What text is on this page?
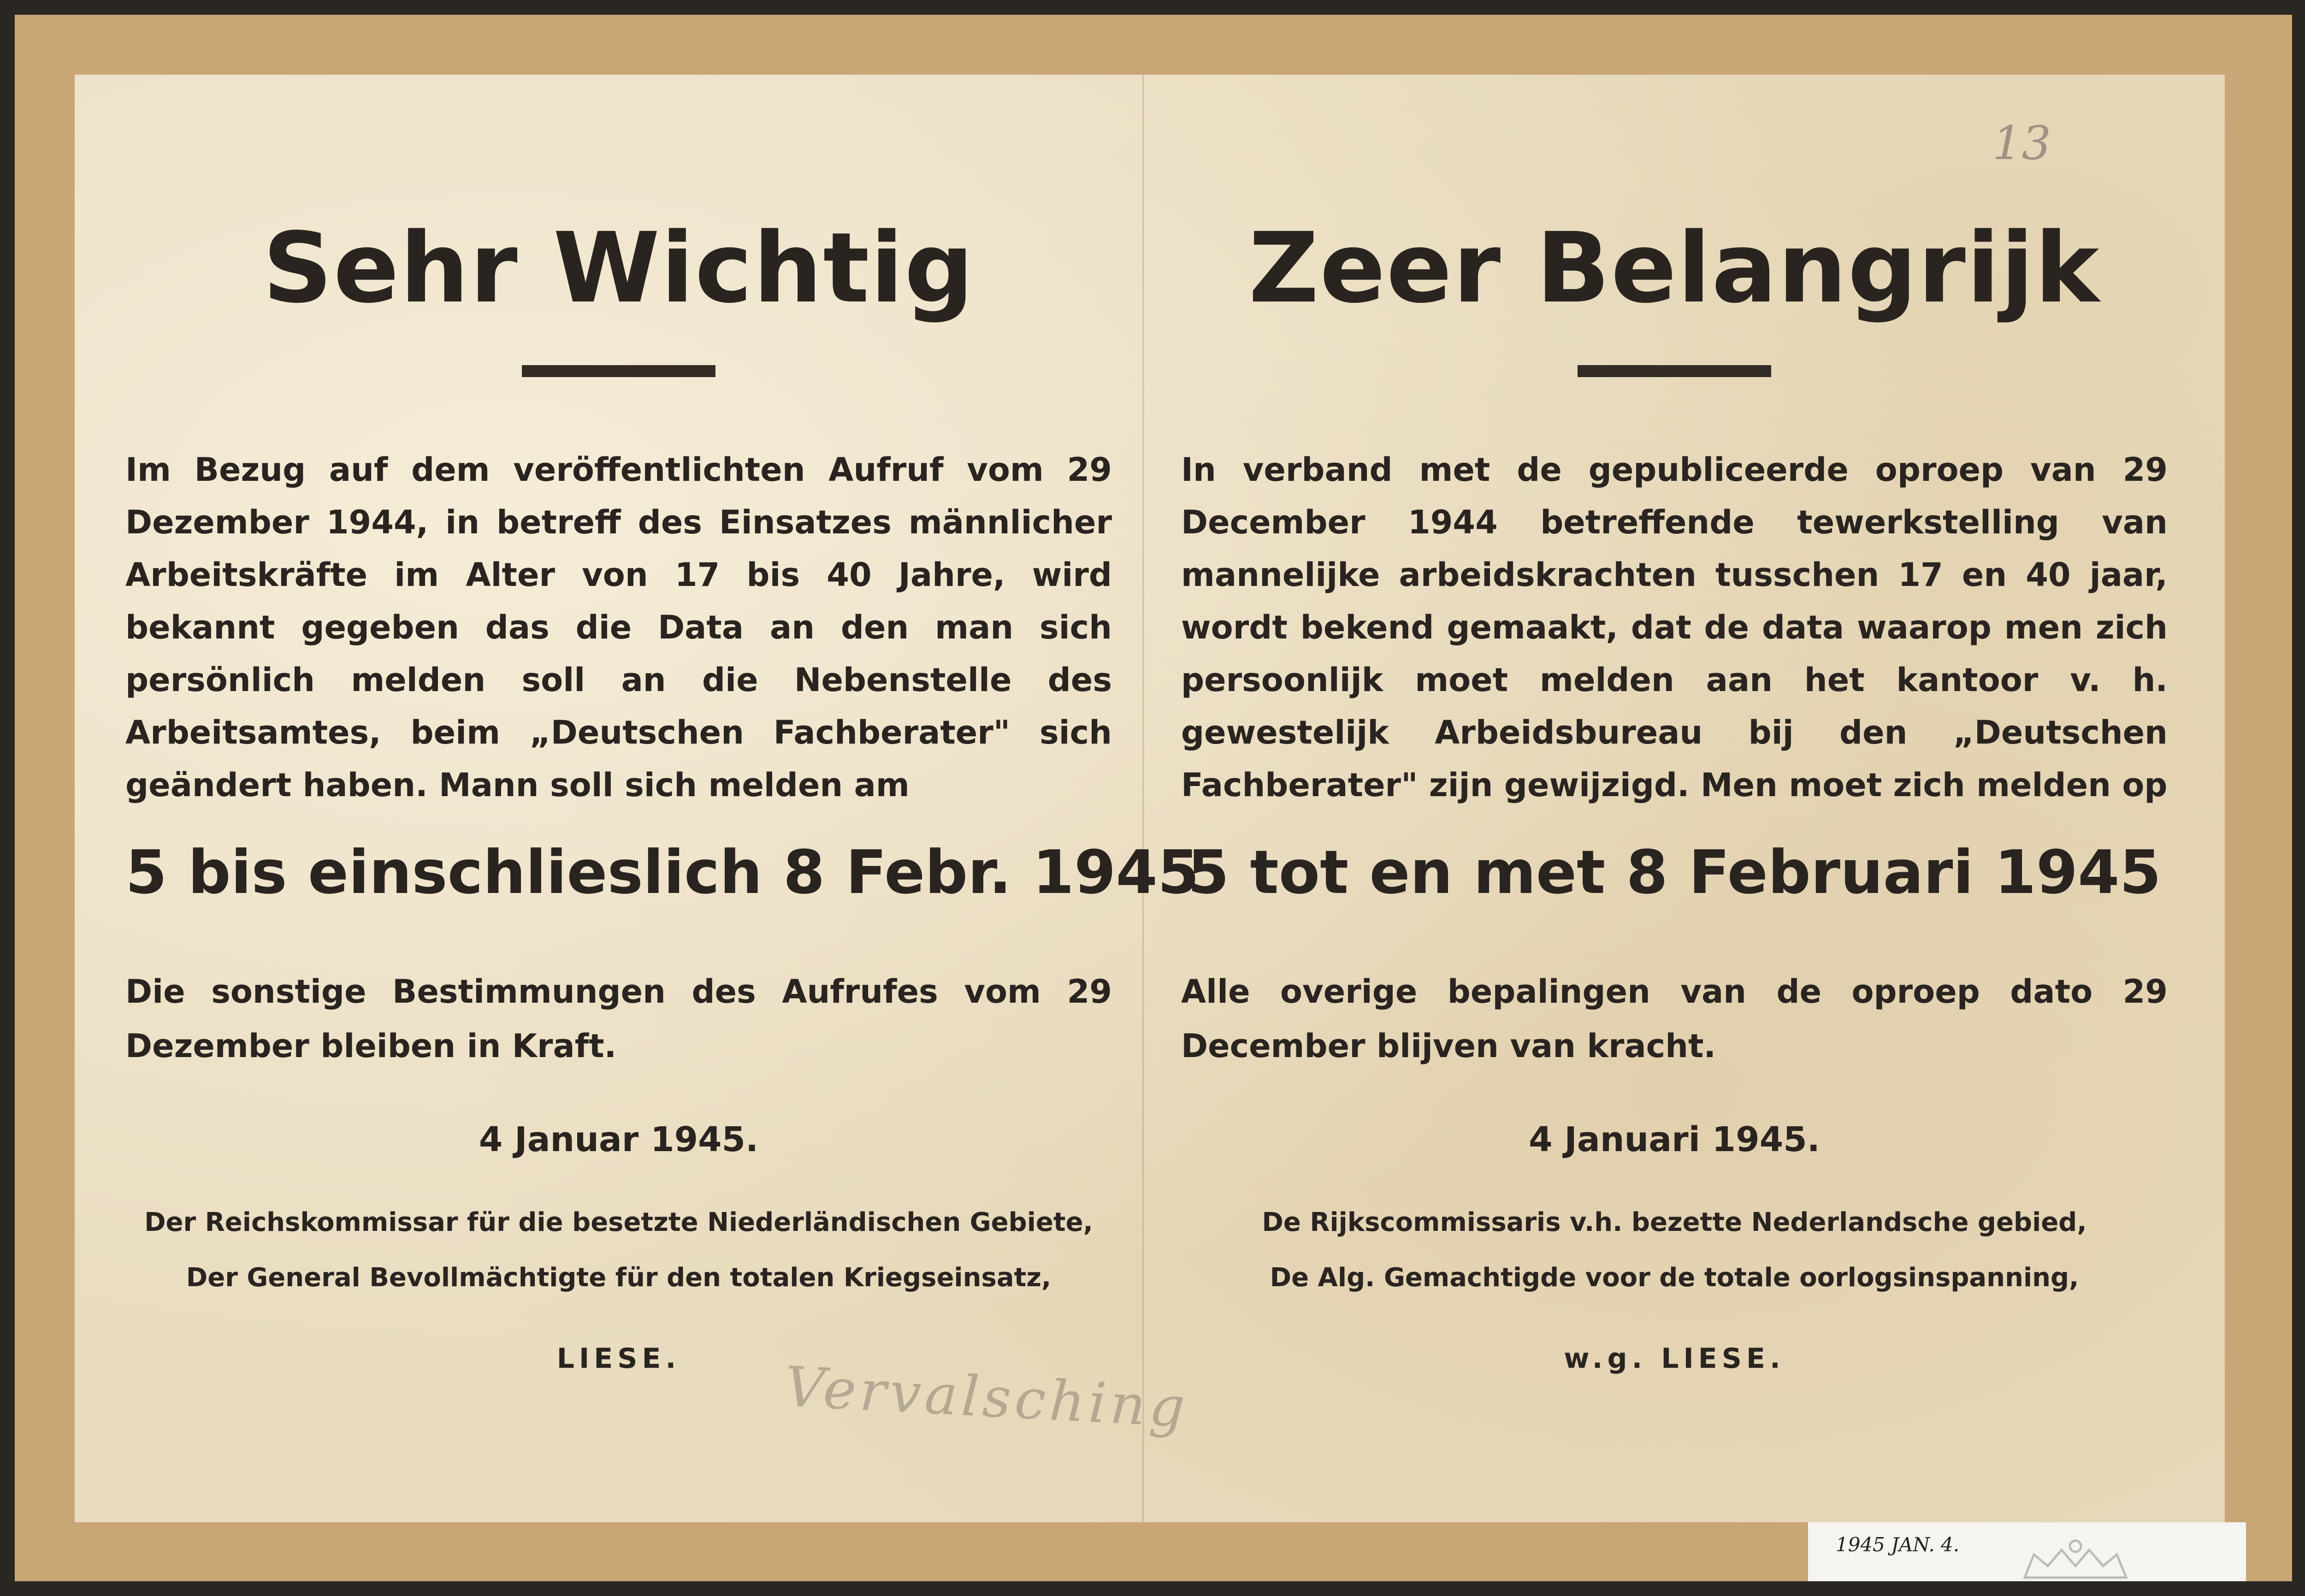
Sehr Wichtig

Im Bezug auf dem veröffentlichten Aufruf vom 29 Dezember 1944, in betreff des Einsatzes männlicher Arbeitskräfte im Alter von 17 bis 40 Jahre, wird bekannt gegeben das die Data an den man sich persönlich melden soll an die Nebenstelle des Arbeitsamtes, beim „Deutschen Fachberater" sich geändert haben. Mann soll sich melden am

5 bis einschlieslich 8 Febr. 1945

Die sonstige Bestimmungen des Aufrufes vom 29 Dezember bleiben in Kraft.

4 Januar 1945.

Der Reichskommissar für die besetzte Niederländischen Gebiete,

Der General Bevollmächtigte für den totalen Kriegseinsatz,

LIESE.

Zeer Belangrijk

In verband met de gepubliceerde oproep van 29 December 1944 betreffende tewerkstelling van mannelijke arbeidskrachten tusschen 17 en 40 jaar, wordt bekend gemaakt, dat de data waarop men zich persoonlijk moet melden aan het kantoor v. h. gewestelijk Arbeidsbureau bij den „Deutschen Fachberater" zijn gewijzigd. Men moet zich melden op

5 tot en met 8 Februari 1945

Alle overige bepalingen van de oproep dato 29 December blijven van kracht.

4 Januari 1945.

De Rijkscommissaris v.h. bezette Nederlandsche gebied,

De Alg. Gemachtigde voor de totale oorlogsinspanning,

w.g. LIESE.

13
Vervalsching
1945 JAN. 4.
